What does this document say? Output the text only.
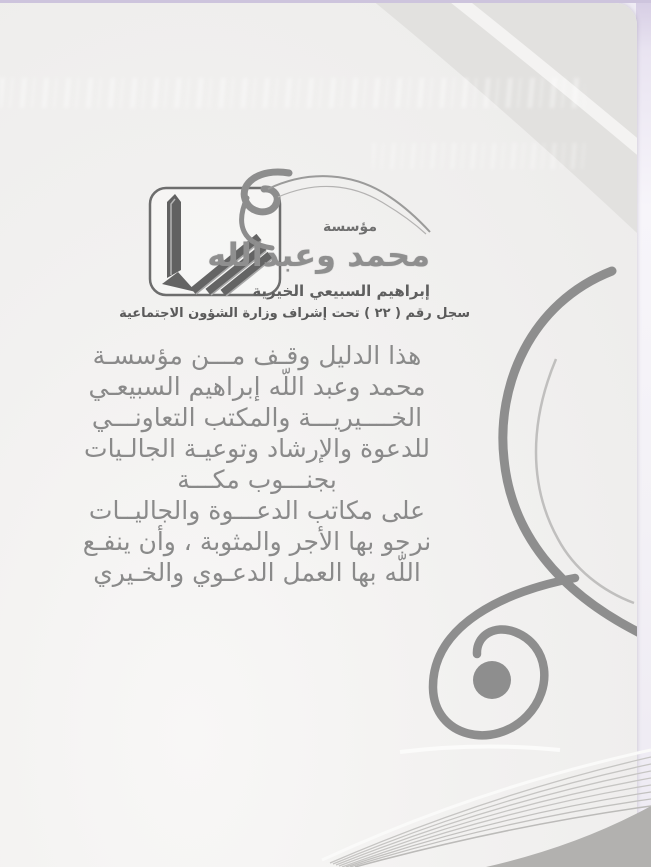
مؤسسة
محمد وعبدالله
إبراهيم السبيعي الخيرية
سجل رقم ( ٢٢ ) تحت إشراف وزارة الشؤون الاجتماعية
هذا الدليل وقـف مـــن مؤسسـة
محمد وعبد اللّه إبراهيم السبيعـي
الخــــيريـــة والمكتب التعاونـــي
للدعوة والإرشاد وتوعيـة الجالـيات
بجنـــوب مكـــة
على مكاتب الدعـــوة والجاليــات
نرجو بها الأجر والمثوبة ، وأن ينفـع
اللّه بها العمل الدعـوي والخـيري
